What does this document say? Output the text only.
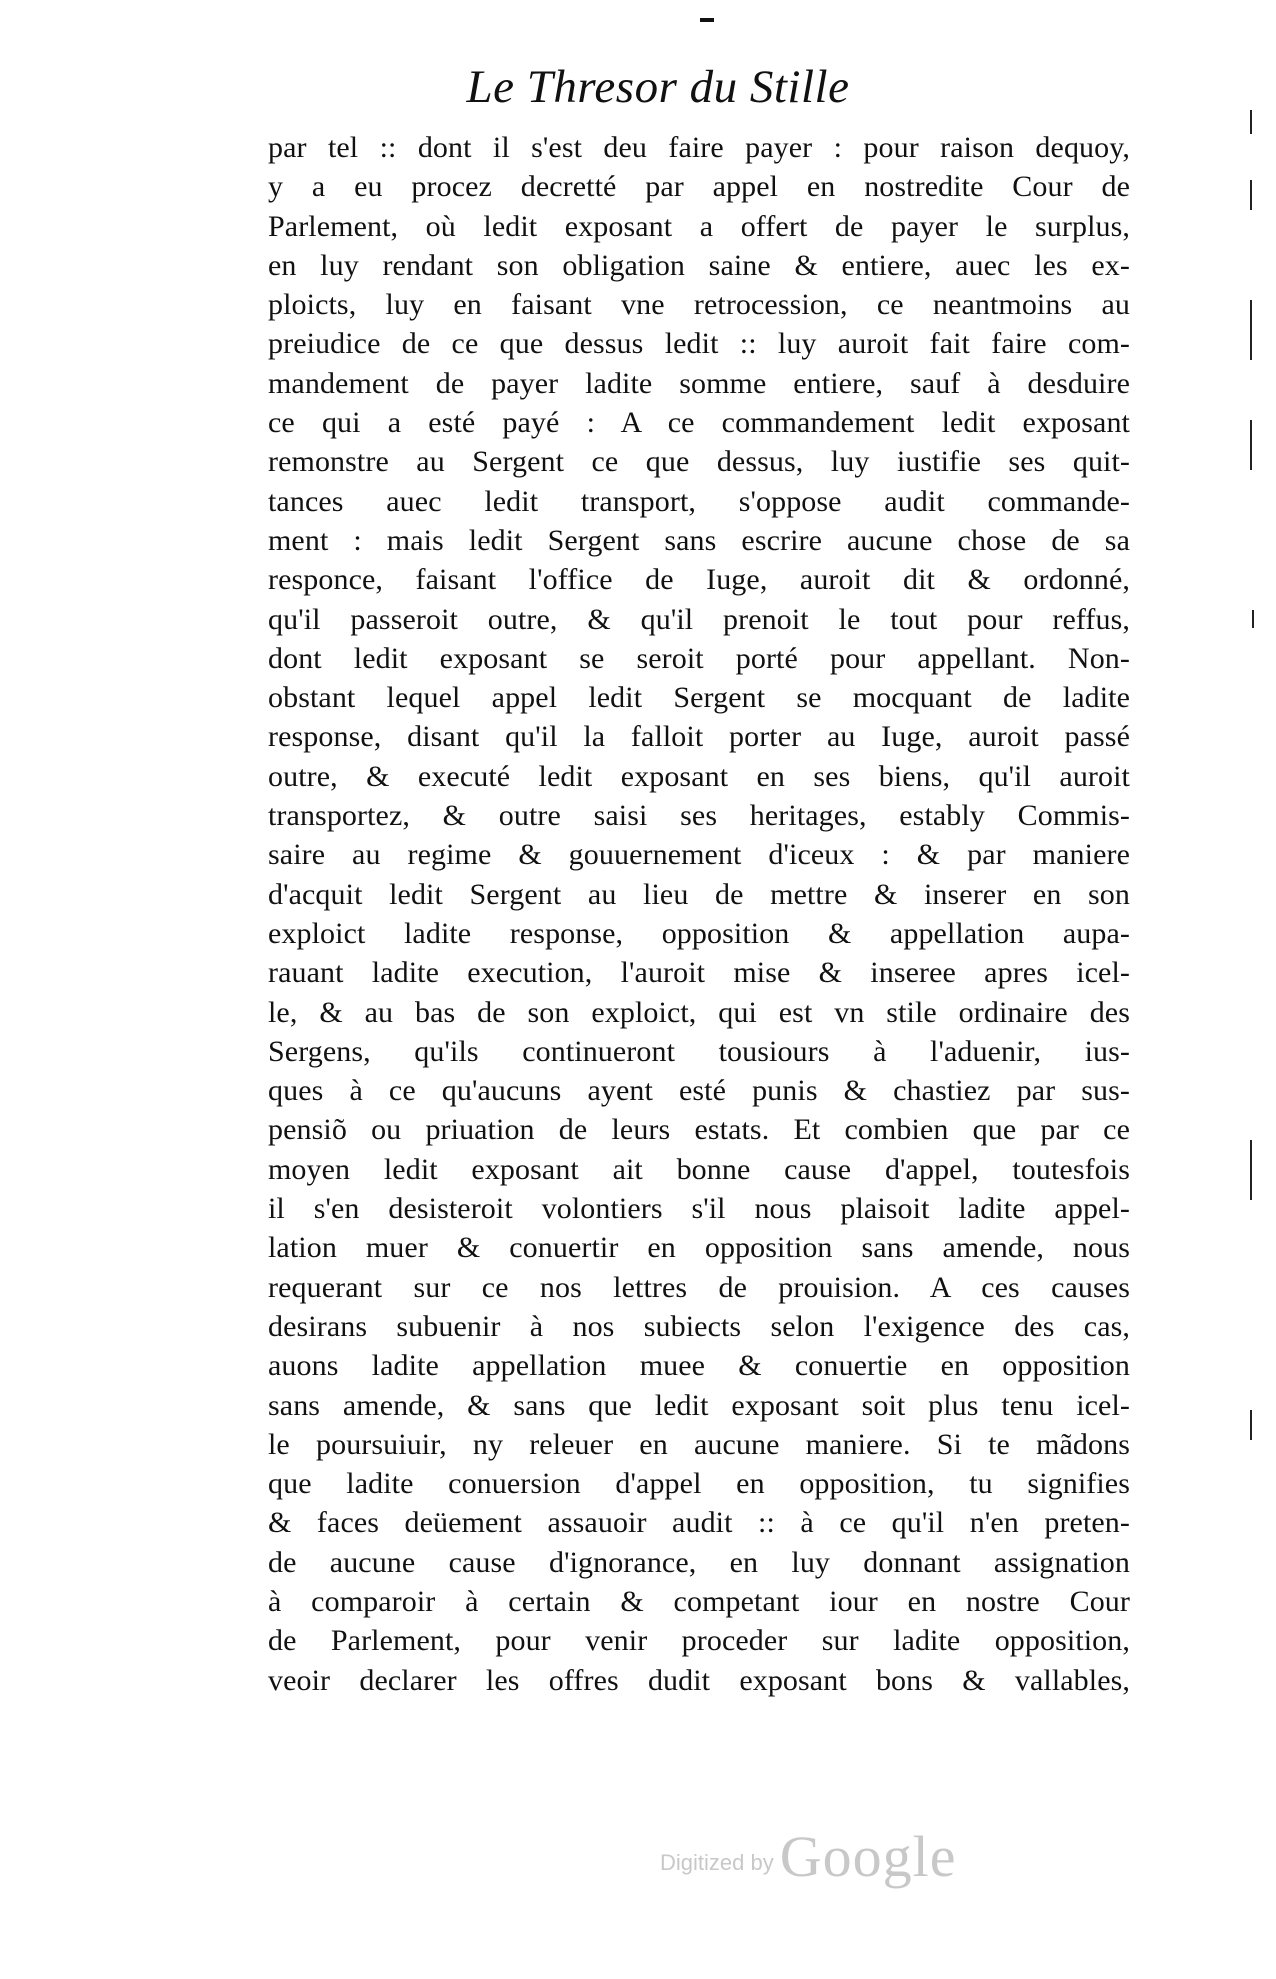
Le Thresor du Stille
par tel :: dont il s'est deu faire payer : pour raison dequoy,
y a eu procez decretté par appel en nostredite Cour de
Parlement, où ledit exposant a offert de payer le surplus,
en luy rendant son obligation saine & entiere, auec les ex-
ploicts, luy en faisant vne retrocession, ce neantmoins au
preiudice de ce que dessus ledit :: luy auroit fait faire com-
mandement de payer ladite somme entiere, sauf à desduire
ce qui a esté payé : A ce commandement ledit exposant
remonstre au Sergent ce que dessus, luy iustifie ses quit-
tances auec ledit transport, s'oppose audit commande-
ment : mais ledit Sergent sans escrire aucune chose de sa
responce, faisant l'office de Iuge, auroit dit & ordonné,
qu'il passeroit outre, & qu'il prenoit le tout pour reffus,
dont ledit exposant se seroit porté pour appellant. Non-
obstant lequel appel ledit Sergent se mocquant de ladite
response, disant qu'il la falloit porter au Iuge, auroit passé
outre, & executé ledit exposant en ses biens, qu'il auroit
transportez, & outre saisi ses heritages, estably Commis-
saire au regime & gouuernement d'iceux : & par maniere
d'acquit ledit Sergent au lieu de mettre & inserer en son
exploict ladite response, opposition & appellation aupa-
rauant ladite execution, l'auroit mise & inseree apres icel-
le, & au bas de son exploict, qui est vn stile ordinaire des
Sergens, qu'ils continueront tousiours à l'aduenir, ius-
ques à ce qu'aucuns ayent esté punis & chastiez par sus-
pensiõ ou priuation de leurs estats. Et combien que par ce
moyen ledit exposant ait bonne cause d'appel, toutesfois
il s'en desisteroit volontiers s'il nous plaisoit ladite appel-
lation muer & conuertir en opposition sans amende, nous
requerant sur ce nos lettres de prouision. A ces causes
desirans subuenir à nos subiects selon l'exigence des cas,
auons ladite appellation muee & conuertie en opposition
sans amende, & sans que ledit exposant soit plus tenu icel-
le poursuiuir, ny releuer en aucune maniere. Si te mãdons
que ladite conuersion d'appel en opposition, tu signifies
& faces deüement assauoir audit :: à ce qu'il n'en preten-
de aucune cause d'ignorance, en luy donnant assignation
à comparoir à certain & competant iour en nostre Cour
de Parlement, pour venir proceder sur ladite opposition,
veoir declarer les offres dudit exposant bons & vallables,
Digitized by Google
